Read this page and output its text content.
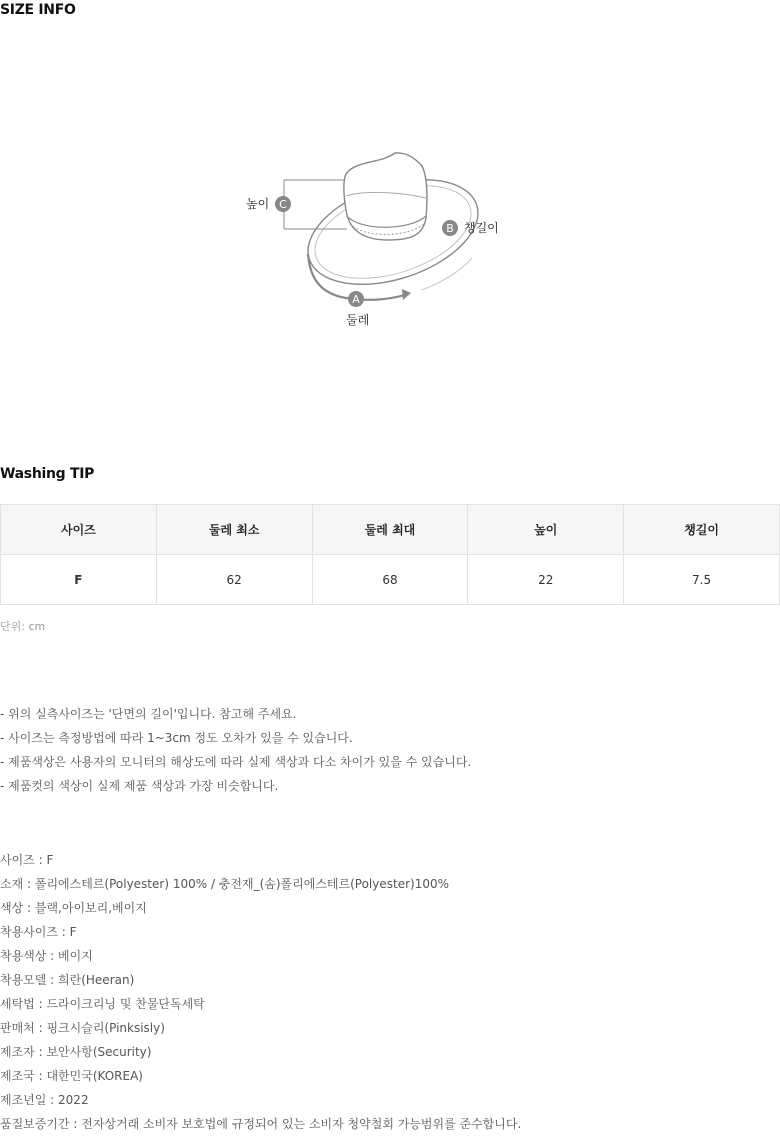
SIZE INFO
C
높이
B 챙길이
A
둘레
Washing TIP
사이즈	둘레 최소	둘레 최대	높이	챙길이
F	62	68	22	7.5
단위: cm
- 위의 실측사이즈는 '단면의 길이'입니다. 참고해 주세요.
- 사이즈는 측정방법에 따라 1~3cm 정도 오차가 있을 수 있습니다.
- 제품색상은 사용자의 모니터의 해상도에 따라 실제 색상과 다소 차이가 있을 수 있습니다.
- 제품컷의 색상이 실제 제품 색상과 가장 비슷합니다.
사이즈 : F
소재 : 폴리에스테르(Polyester) 100% / 충전재_(솜)폴리에스테르(Polyester)100%
색상 : 블랙,아이보리,베이지
착용사이즈 : F
착용색상 : 베이지
착용모델 : 희란(Heeran)
세탁법 : 드라이크리닝 및 찬물단독세탁
판매처 : 핑크시슬리(Pinksisly)
제조자 : 보안사항(Security)
제조국 : 대한민국(KOREA)
제조년일 : 2022
품질보증기간 : 전자상거래 소비자 보호법에 규정되어 있는 소비자 청약철회 가능범위를 준수합니다.
